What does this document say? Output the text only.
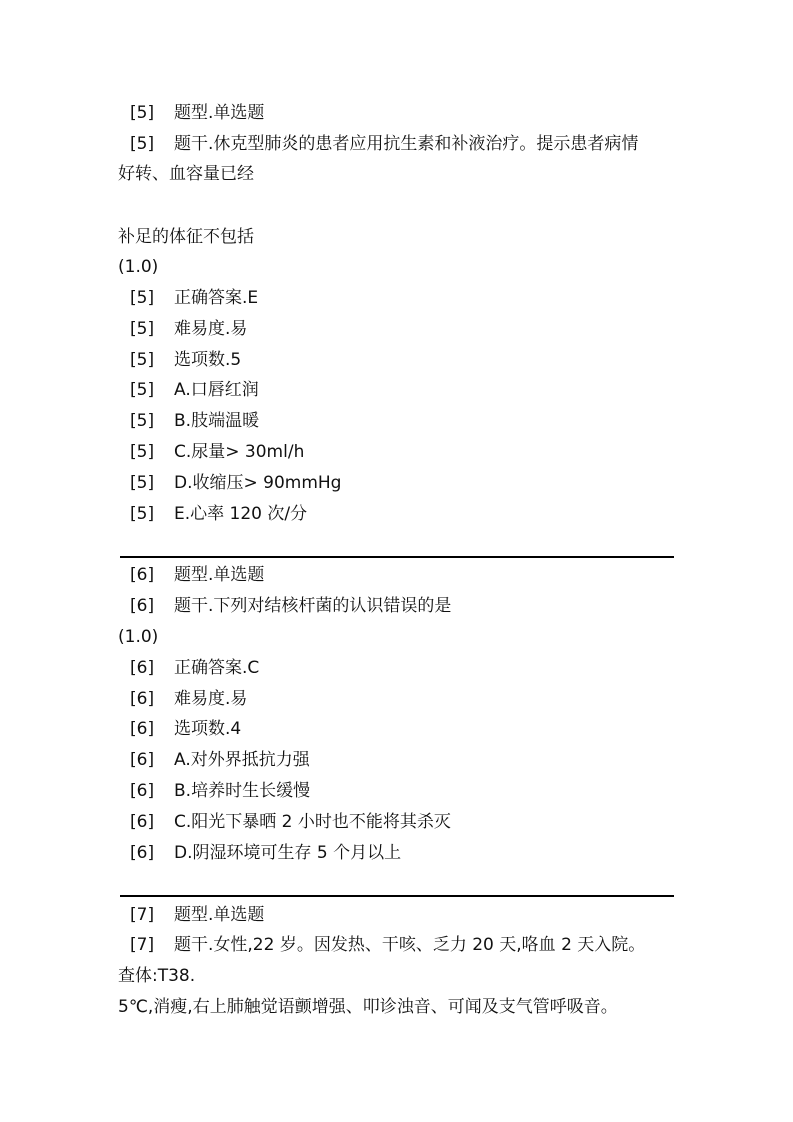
[5] 题型.单选题
[5] 题干.休克型肺炎的患者应用抗生素和补液治疗。提示患者病情
好转、血容量已经
补足的体征不包括
(1.0)
[5] 正确答案.E
[5] 难易度.易
[5] 选项数.5
[5] A.口唇红润
[5] B.肢端温暖
[5] C.尿量> 30ml/h
[5] D.收缩压> 90mmHg
[5] E.心率 120 次/分
[6] 题型.单选题
[6] 题干.下列对结核杆菌的认识错误的是
(1.0)
[6] 正确答案.C
[6] 难易度.易
[6] 选项数.4
[6] A.对外界抵抗力强
[6] B.培养时生长缓慢
[6] C.阳光下暴晒 2 小时也不能将其杀灭
[6] D.阴湿环境可生存 5 个月以上
[7] 题型.单选题
[7] 题干.女性,22 岁。因发热、干咳、乏力 20 天,咯血 2 天入院。
查体:T38.
5℃,消瘦,右上肺触觉语颤增强、叩诊浊音、可闻及支气管呼吸音。
